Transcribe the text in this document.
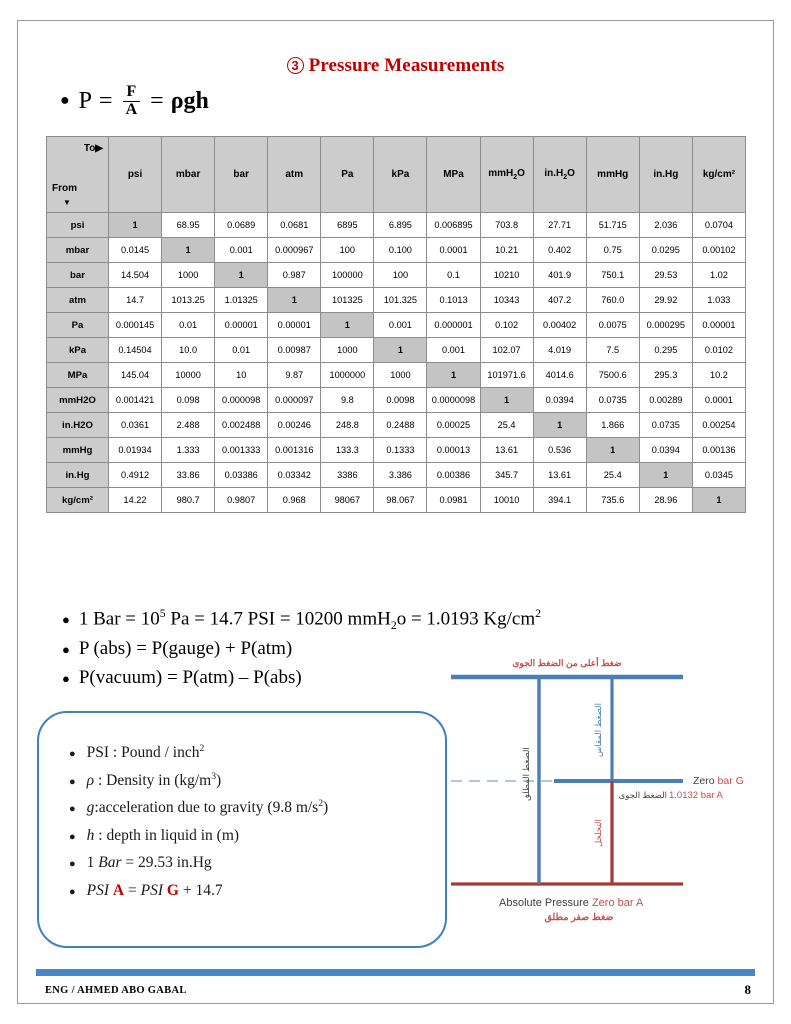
3 Pressure Measurements
● $P = \frac{F}{A} = \rho gh$
To▶
From
▼	psi	mbar	bar	atm	Pa	kPa	MPa	mmH$_2$O	$in.H_2O$	mmHg	in.Hg	kg/cm²
psi	1	68.95	0.0689	0.0681	6895	6.895	0.006895	703.8	27.71	51.715	2.036	0.0704
mbar	0.0145	1	0.001	0.000967	100	0.100	0.0001	10.21	0.402	0.75	0.0295	0.00102
bar	14.504	1000	1	0.987	100000	100	0.1	10210	401.9	750.1	29.53	1.02
atm	14.7	1013.25	1.01325	1	101325	101.325	0.1013	10343	407.2	760.0	29.92	1.033
Pa	0.000145	0.01	0.00001	0.00001	1	0.001	0.000001	0.102	0.00402	0.0075	0.000295	0.00001
kPa	0.14504	10.0	0.01	0.00987	1000	1	0.001	102.07	4.019	7.5	0.295	0.0102
MPa	145.04	10000	10	9.87	1000000	1000	1	101971.6	4014.6	7500.6	295.3	10.2
mmH2O	0.001421	0.098	0.000098	0.000097	9.8	0.0098	0.0000098	1	0.0394	0.0735	0.00289	0.0001
in.H2O	0.0361	2.488	0.002488	0.00246	248.8	0.2488	0.00025	25.4	1	1.866	0.0735	0.00254
mmHg	0.01934	1.333	0.001333	0.001316	133.3	0.1333	0.00013	13.61	0.536	1	0.0394	0.00136
in.Hg	0.4912	33.86	0.03386	0.03342	3386	3.386	0.00386	345.7	13.61	25.4	1	0.0345
kg/cm²	14.22	980.7	0.9807	0.968	98067	98.067	0.0981	10010	394.1	735.6	28.96	1
● 1 Bar = $10^5$ Pa = 14.7 PSI = 10200 mmH$_2$o = 1.0193 $Kg/cm^2$
● P (abs) = P(gauge) + P(atm)
● P(vacuum) = P(atm) – P(abs)
● PSI : Pound / inch$^2$
● ρ : Density in $(kg/m^3)$
● g:acceleration due to gravity (9.8 $m/s^2$)
● h : depth in liquid in (m)
● 1 Bar = 29.53 in.Hg
● PSI A = PSI G + 14.7
ضغط أعلى من الضغط الجوى
الضغط المقاس
الضغط المطلق
التخلخل
Zero bar G
الضغط الجوى 1.0132 bar A
Absolute Pressure Zero bar A
ضغط صفر مطلق
ENG / AHMED ABO GABAL	8
